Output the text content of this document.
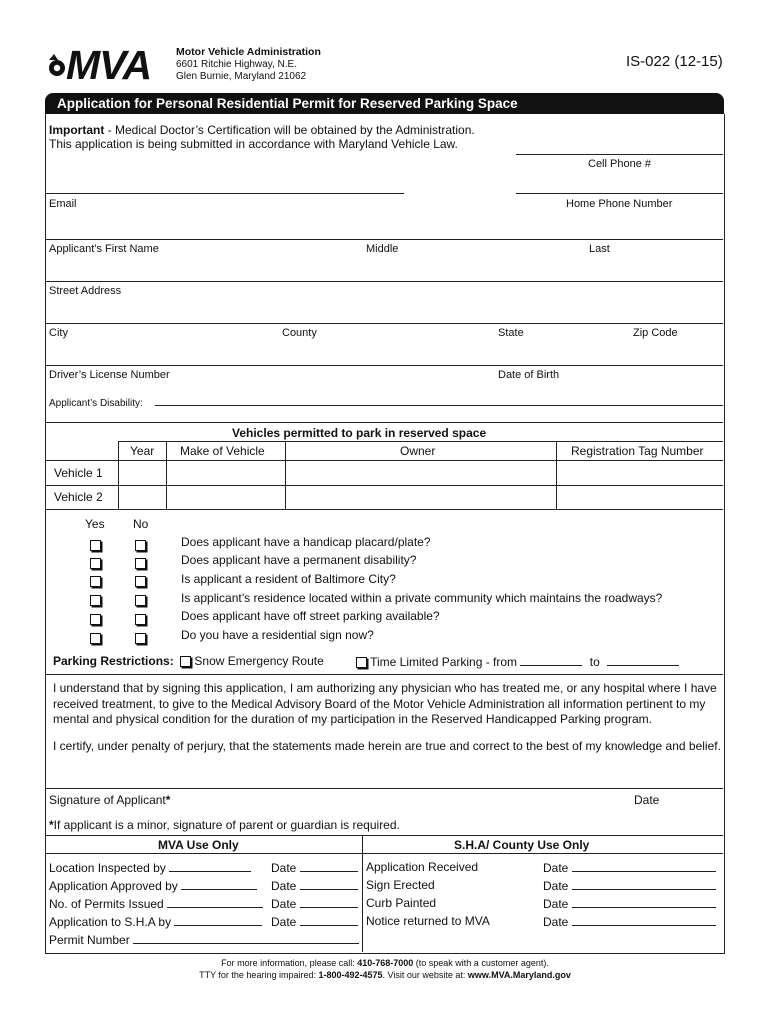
MVA Motor Vehicle Administration
6601 Ritchie Highway, N.E.
Glen Burnie, Maryland 21062
IS-022 (12-15)
Application for Personal Residential Permit for Reserved Parking Space
Important - Medical Doctor’s Certification will be obtained by the Administration.
This application is being submitted in accordance with Maryland Vehicle Law.
Cell Phone #
Email	Home Phone Number
Applicant’s First Name	Middle	Last
Street Address
City	County	State	Zip Code
Driver’s License Number	Date of Birth
Applicant’s Disability:
Vehicles permitted to park in reserved space
Year Make of Vehicle	Owner	Registration Tag Number
Vehicle 1
Vehicle 2
Yes No
Does applicant have a handicap placard/plate?
Does applicant have a permanent disability?
Is applicant a resident of Baltimore City?
Is applicant’s residence located within a private community which maintains the roadways?
Does applicant have off street parking available?
Do you have a residential sign now?
Parking Restrictions: Snow Emergency Route	Time Limited Parking - from	to
I understand that by signing this application, I am authorizing any physician who has treated me, or any hospital where I have received treatment, to give to the Medical Advisory Board of the Motor Vehicle Administration all information pertinent to my mental and physical condition for the duration of my participation in the Reserved Handicapped Parking program.
I certify, under penalty of perjury, that the statements made herein are true and correct to the best of my knowledge and belief.
Signature of Applicant*	Date
*If applicant is a minor, signature of parent or guardian is required.
MVA Use Only	S.H.A/ County Use Only
Location Inspected by	Date
Application Approved by	Date
No. of Permits Issued	Date
Application to S.H.A by	Date
Permit Number
Application Received	Date
Sign Erected	Date
Curb Painted	Date
Notice returned to MVA	Date
For more information, please call: 410-768-7000 (to speak with a customer agent).
TTY for the hearing impaired: 1-800-492-4575. Visit our website at: www.MVA.Maryland.gov
